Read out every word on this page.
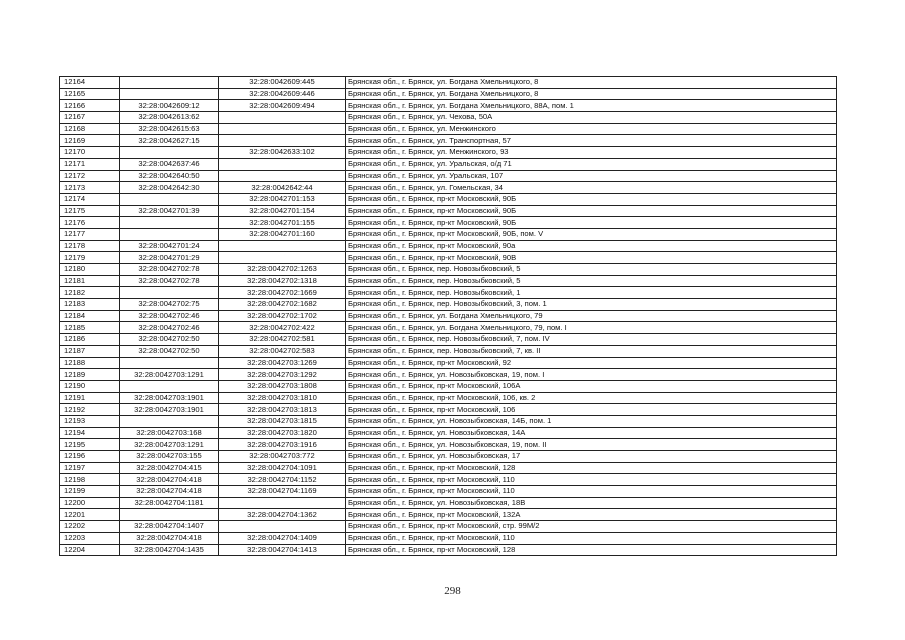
12164		32:28:0042609:445	Брянская обл., г. Брянск, ул. Богдана Хмельницкого, 8
12165		32:28:0042609:446	Брянская обл., г. Брянск, ул. Богдана Хмельницкого, 8
12166	32:28:0042609:12	32:28:0042609:494	Брянская обл., г. Брянск, ул. Богдана Хмельницкого, 88А, пом. 1
12167	32:28:0042613:62		Брянская обл., г. Брянск, ул. Чехова, 50А
12168	32:28:0042615:63		Брянская обл., г. Брянск, ул. Менжинского
12169	32:28:0042627:15		Брянская обл., г. Брянск, ул. Транспортная, 57
12170		32:28:0042633:102	Брянская обл., г. Брянск, ул. Менжинского, 93
12171	32:28:0042637:46		Брянская обл., г. Брянск, ул. Уральская, о/д 71
12172	32:28:0042640:50		Брянская обл., г. Брянск, ул. Уральская, 107
12173	32:28:0042642:30	32:28:0042642:44	Брянская обл., г. Брянск, ул. Гомельская, 34
12174		32:28:0042701:153	Брянская обл., г. Брянск, пр-кт Московский, 90Б
12175	32:28:0042701:39	32:28:0042701:154	Брянская обл., г. Брянск, пр-кт Московский, 90Б
12176		32:28:0042701:155	Брянская обл., г. Брянск, пр-кт Московский, 90Б
12177		32:28:0042701:160	Брянская обл., г. Брянск, пр-кт Московский, 90Б, пом. V
12178	32:28:0042701:24		Брянская обл., г. Брянск, пр-кт Московский, 90а
12179	32:28:0042701:29		Брянская обл., г. Брянск, пр-кт Московский, 90В
12180	32:28:0042702:78	32:28:0042702:1263	Брянская обл., г. Брянск, пер. Новозыбковский, 5
12181	32:28:0042702:78	32:28:0042702:1318	Брянская обл., г. Брянск, пер. Новозыбковский, 5
12182		32:28:0042702:1669	Брянская обл., г. Брянск, пер. Новозыбковский, 1
12183	32:28:0042702:75	32:28:0042702:1682	Брянская обл., г. Брянск, пер. Новозыбковский, 3, пом. 1
12184	32:28:0042702:46	32:28:0042702:1702	Брянская обл., г. Брянск, ул. Богдана Хмельницкого, 79
12185	32:28:0042702:46	32:28:0042702:422	Брянская обл., г. Брянск, ул. Богдана Хмельницкого, 79, пом. I
12186	32:28:0042702:50	32:28:0042702:581	Брянская обл., г. Брянск, пер. Новозыбковский, 7, пом. IV
12187	32:28:0042702:50	32:28:0042702:583	Брянская обл., г. Брянск, пер. Новозыбковский, 7, кв. II
12188		32:28:0042703:1269	Брянская обл., г. Брянск, пр-кт Московский, 92
12189	32:28:0042703:1291	32:28:0042703:1292	Брянская обл., г. Брянск, ул. Новозыбковская, 19, пом. I
12190		32:28:0042703:1808	Брянская обл., г. Брянск, пр-кт Московский, 106А
12191	32:28:0042703:1901	32:28:0042703:1810	Брянская обл., г. Брянск, пр-кт Московский, 106, кв. 2
12192	32:28:0042703:1901	32:28:0042703:1813	Брянская обл., г. Брянск, пр-кт Московский, 106
12193		32:28:0042703:1815	Брянская обл., г. Брянск, ул. Новозыбковская, 14Б, пом. 1
12194	32:28:0042703:168	32:28:0042703:1820	Брянская обл., г. Брянск, ул. Новозыбковская, 14А
12195	32:28:0042703:1291	32:28:0042703:1916	Брянская обл., г. Брянск, ул. Новозыбковская, 19, пом. II
12196	32:28:0042703:155	32:28:0042703:772	Брянская обл., г. Брянск, ул. Новозыбковская, 17
12197	32:28:0042704:415	32:28:0042704:1091	Брянская обл., г. Брянск, пр-кт Московский, 128
12198	32:28:0042704:418	32:28:0042704:1152	Брянская обл., г. Брянск, пр-кт Московский, 110
12199	32:28:0042704:418	32:28:0042704:1169	Брянская обл., г. Брянск, пр-кт Московский, 110
12200	32:28:0042704:1181		Брянская обл., г. Брянск, ул. Новозыбковская, 18В
12201		32:28:0042704:1362	Брянская обл., г. Брянск, пр-кт Московский, 132А
12202	32:28:0042704:1407		Брянская обл., г. Брянск, пр-кт Московский, стр. 99М/2
12203	32:28:0042704:418	32:28:0042704:1409	Брянская обл., г. Брянск, пр-кт Московский, 110
12204	32:28:0042704:1435	32:28:0042704:1413	Брянская обл., г. Брянск, пр-кт Московский, 128
298
